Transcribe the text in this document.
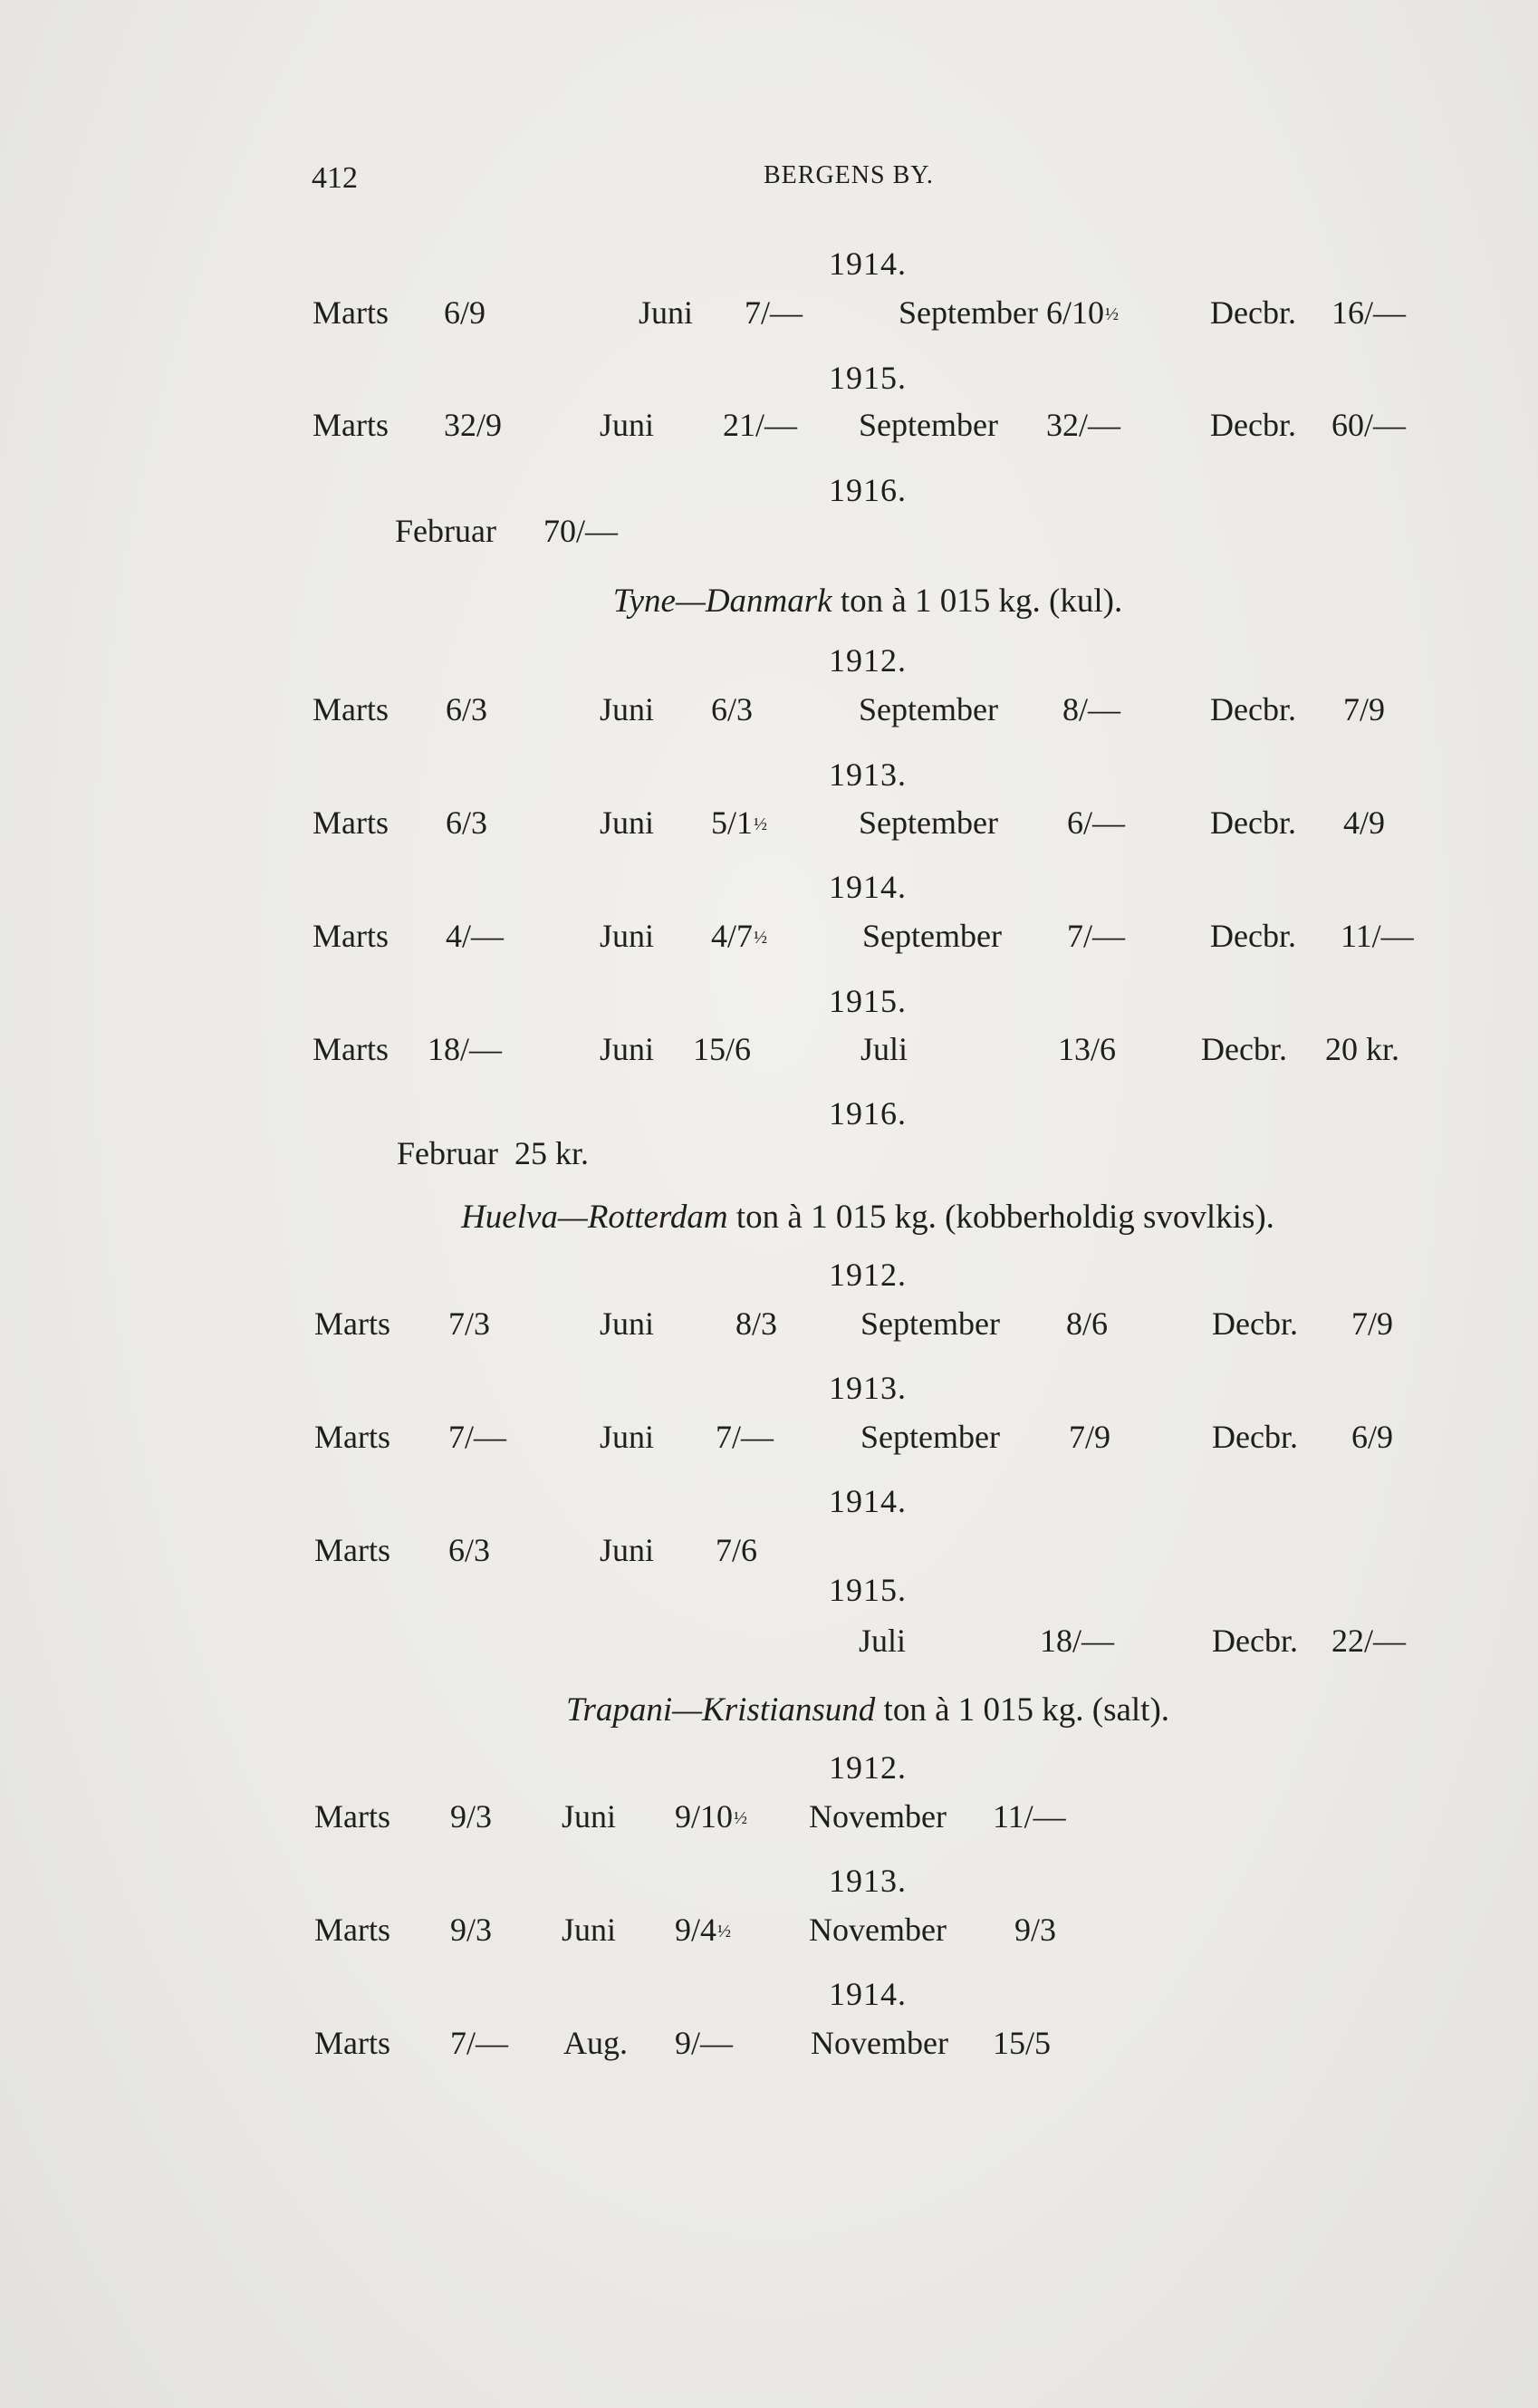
412	BERGENS BY.
1914.
Marts 6/9	Juni 7/—	September 6/10½	Decbr. 16/—
1915.
Marts 32/9	Juni 21/— September 32/—	Decbr. 60/—
1916.
Februar 70/—
Tyne—Danmark ton à 1 015 kg. (kul).
1912.
Marts 6/3	Juni 6/3	September 8/—	Decbr. 7/9
1913.
Marts 6/3	Juni 5/1½	September 6/—	Decbr. 4/9
1914.
Marts 4/—	Juni 4/7½	September 7/—	Decbr. 11/—
1915.
Marts 18/—	Juni 15/6	Juli	13/6	Decbr. 20 kr.
1916.
Februar 25 kr.
Huelva—Rotterdam ton à 1 015 kg. (kobberholdig svovlkis).
1912.
Marts 7/3	Juni 8/3	September 8/6	Decbr. 7/9
1913.
Marts 7/—	Juni 7/—	September 7/9	Decbr. 6/9
1914.
Marts 6/3	Juni 7/6
1915.
Juli	18/—	Decbr. 22/—
Trapani—Kristiansund ton à 1 015 kg. (salt).
1912.
Marts 9/3 Juni 9/10½ November 11/—
1913.
Marts 9/3 Juni 9/4½ November 9/3
1914.
Marts 7/— Aug. 9/— November 15/5
